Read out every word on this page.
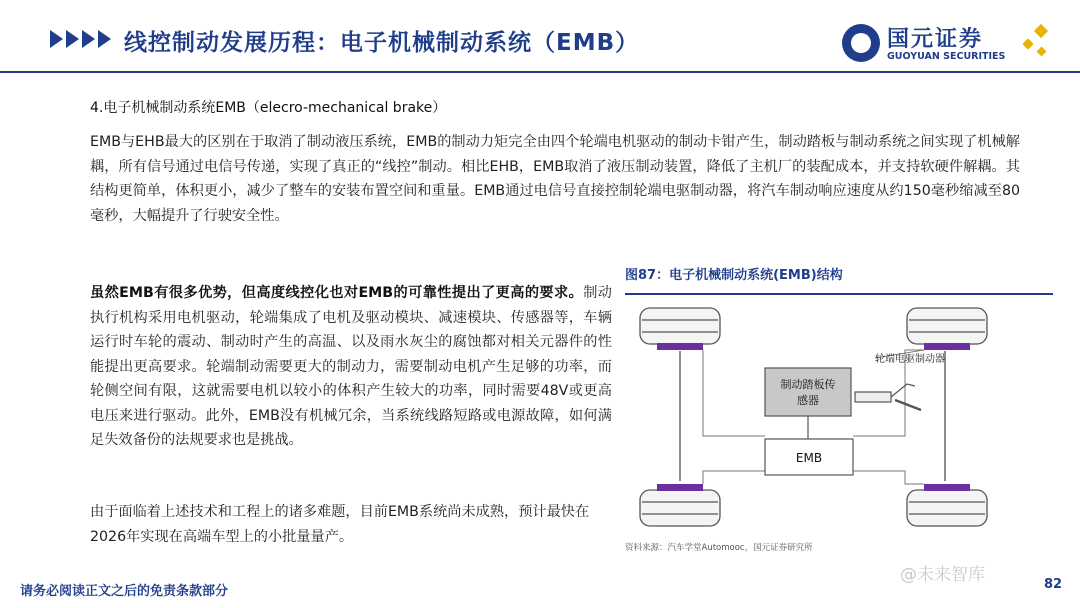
线控制动发展历程：电子机械制动系统（EMB）	国元证券
GUOYUAN SECURITIES
4.电子机械制动系统EMB（elecro-mechanical brake）
EMB与EHB最大的区别在于取消了制动液压系统，EMB的制动力矩完全由四个轮端电机驱动的制动卡钳产生，制动踏板与制动系统之间实现了机械解耦，所有信号通过电信号传递，实现了真正的“线控”制动。相比EHB，EMB取消了液压制动装置，降低了主机厂的装配成本，并支持软硬件解耦。其结构更简单，体积更小，减少了整车的安装布置空间和重量。EMB通过电信号直接控制轮端电驱制动器，将汽车制动响应速度从约150毫秒缩减至80毫秒，大幅提升了行驶安全性。
虽然EMB有很多优势，但高度线控化也对EMB的可靠性提出了更高的要求。制动执行机构采用电机驱动，轮端集成了电机及驱动模块、减速模块、传感器等，车辆运行时车轮的震动、制动时产生的高温、以及雨水灰尘的腐蚀都对相关元器件的性能提出更高要求。轮端制动需要更大的制动力，需要制动电机产生足够的功率，而轮侧空间有限，这就需要电机以较小的体积产生较大的功率，同时需要48V或更高电压来进行驱动。此外，EMB没有机械冗余，当系统线路短路或电源故障，如何满足失效备份的法规要求也是挑战。
由于面临着上述技术和工程上的诸多难题，目前EMB系统尚未成熟，预计最快在2026年实现在高端车型上的小批量量产。
图87：电子机械制动系统(EMB)结构
轮端电驱制动器
制动踏板传
感器
EMB
资料来源：汽车学堂Automooc，国元证券研究所
请务必阅读正文之后的免责条款部分
@未来智库	82
